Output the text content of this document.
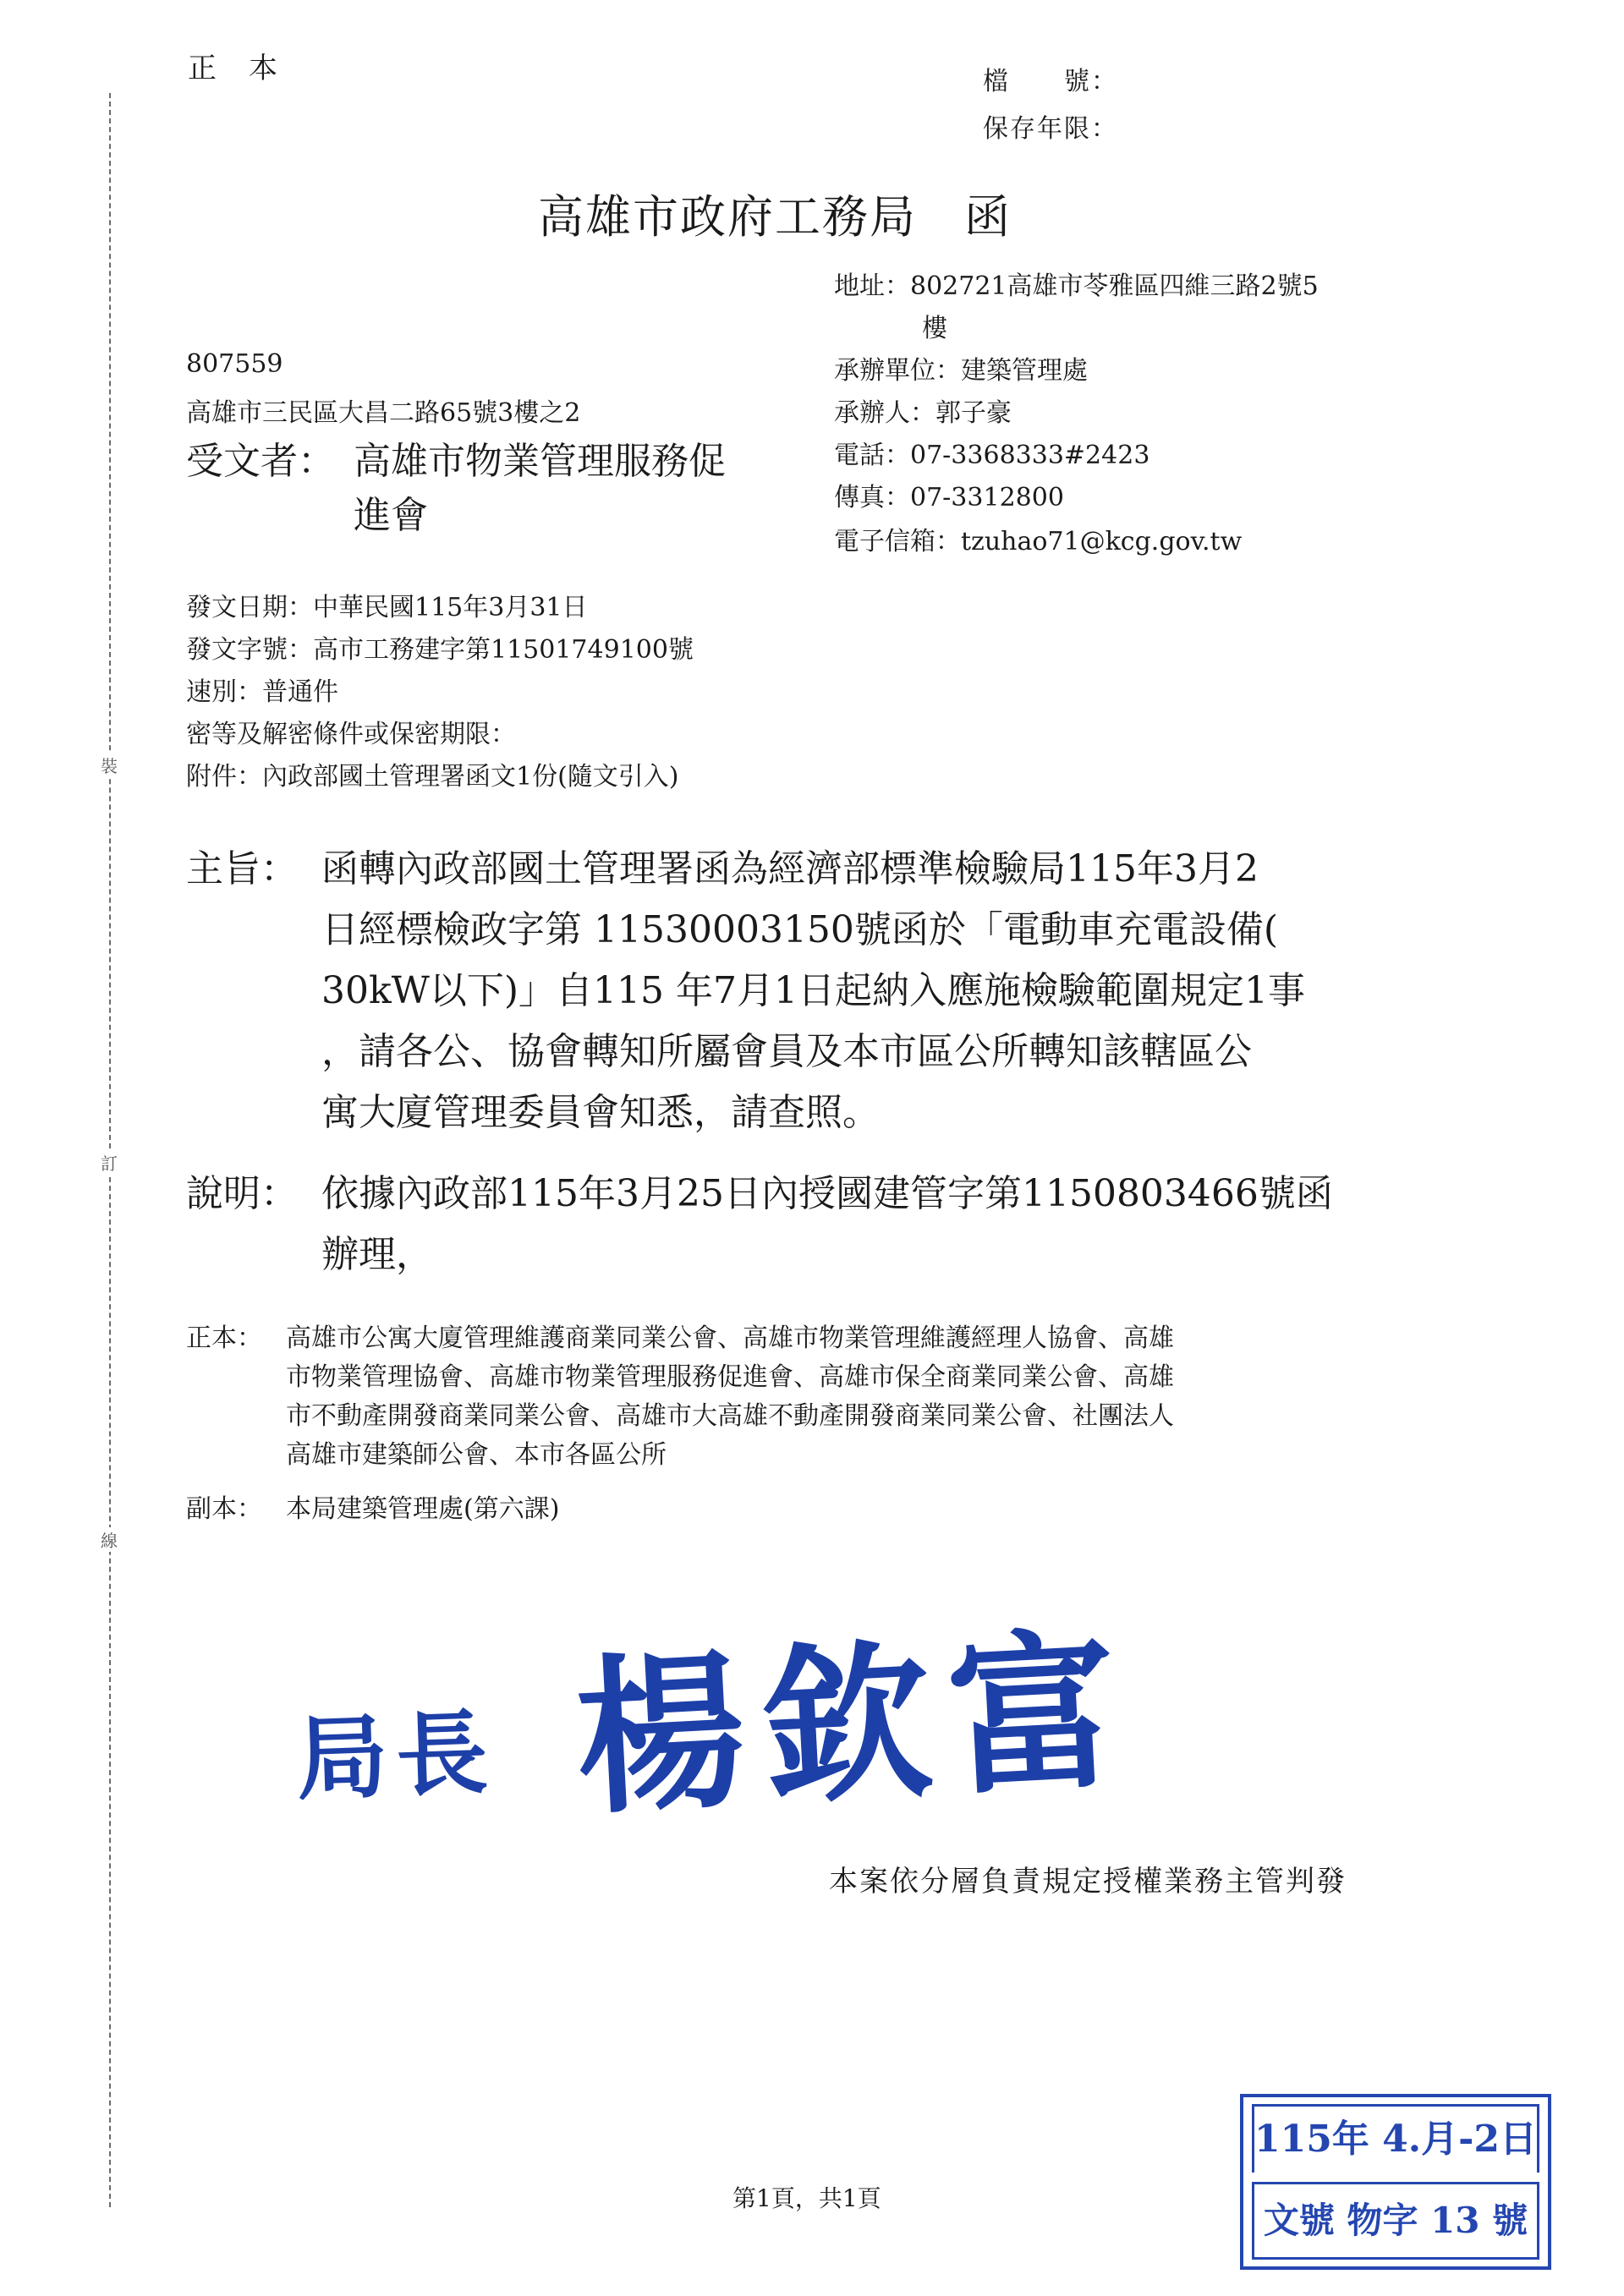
裝
訂
線
正　本	檔　　號：
保存年限：
高雄市政府工務局　函
地址：802721高雄市苓雅區四維三路2號5
樓
承辦單位：建築管理處
承辦人：郭子豪
電話：07-3368333#2423
傳真：07-3312800
電子信箱：tzuhao71@kcg.gov.tw
807559
高雄市三民區大昌二路65號3樓之2
受文者： 高雄市物業管理服務促
進會
發文日期：中華民國115年3月31日
發文字號：高市工務建字第11501749100號
速別：普通件
密等及解密條件或保密期限：
附件：內政部國土管理署函文1份(隨文引入)
主旨： 函轉內政部國土管理署函為經濟部標準檢驗局115年3月2
日經標檢政字第 11530003150號函於「電動車充電設備(
30kW以下)」自115 年7月1日起納入應施檢驗範圍規定1事
，請各公、協會轉知所屬會員及本市區公所轉知該轄區公
寓大廈管理委員會知悉，請查照。
說明： 依據內政部115年3月25日內授國建管字第1150803466號函
辦理，
正本： 高雄市公寓大廈管理維護商業同業公會、高雄市物業管理維護經理人協會、高雄
市物業管理協會、高雄市物業管理服務促進會、高雄市保全商業同業公會、高雄
市不動產開發商業同業公會、高雄市大高雄不動產開發商業同業公會、社團法人
高雄市建築師公會、本市各區公所
副本： 本局建築管理處(第六課)
局長 楊欽富
本案依分層負責規定授權業務主管判發
第1頁，共1頁
115年 4.月-2日
文號 物字 13 號
